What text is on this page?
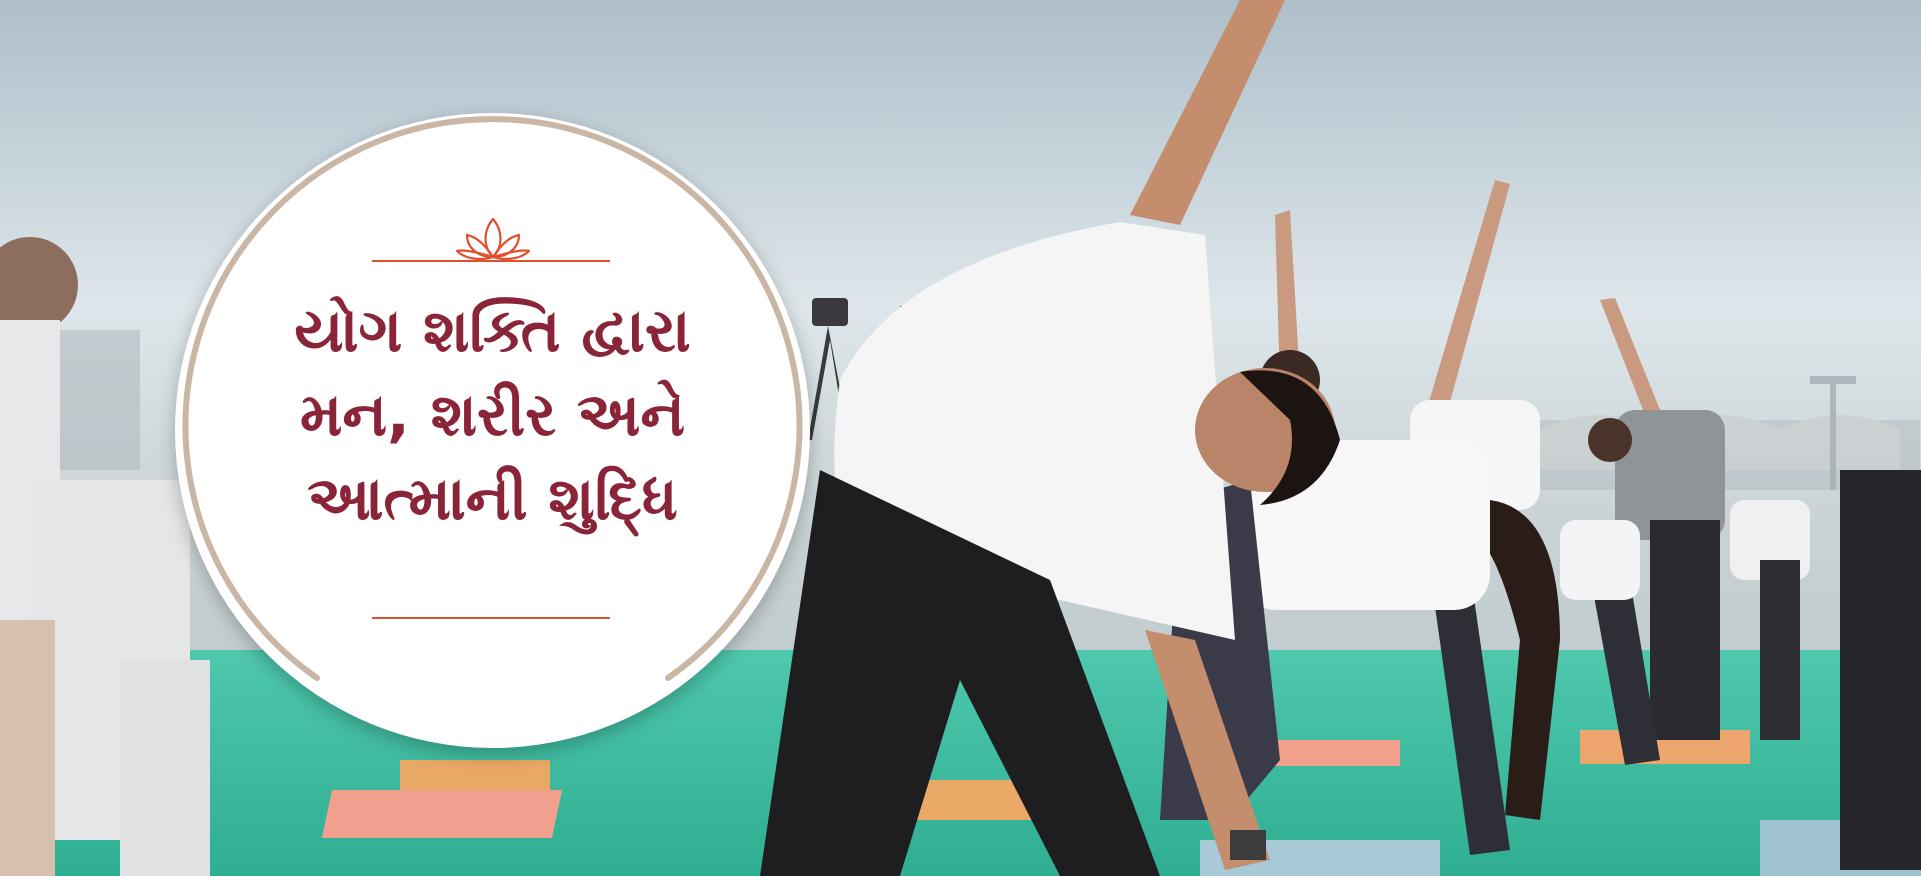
યોગ શક્તિ દ્વારા
મન, શરીર અને
આત્માની શુદ્ધિ
